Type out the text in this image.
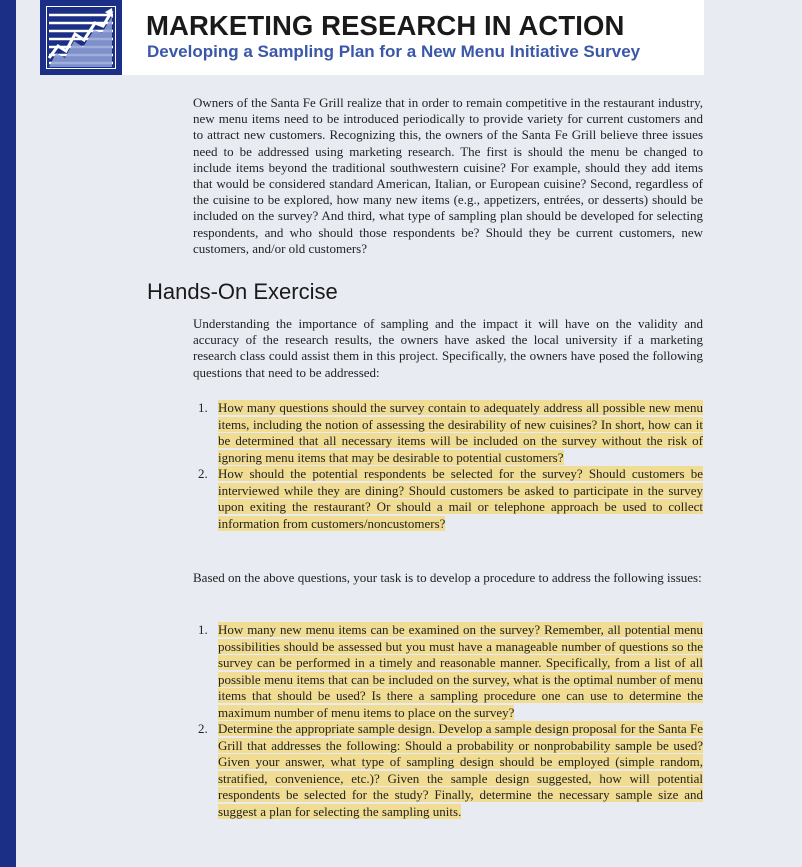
MARKETING RESEARCH IN ACTION
Developing a Sampling Plan for a New Menu Initiative Survey

Owners of the Santa Fe Grill realize that in order to remain competitive in the restaurant industry, new menu items need to be introduced periodically to provide variety for current customers and to attract new customers. Recognizing this, the owners of the Santa Fe Grill believe three issues need to be addressed using marketing research. The first is should the menu be changed to include items beyond the traditional southwestern cuisine? For example, should they add items that would be considered standard American, Italian, or European cuisine? Second, regardless of the cuisine to be explored, how many new items (e.g., appetizers, entrées, or desserts) should be included on the survey? And third, what type of sampling plan should be developed for selecting respondents, and who should those respondents be? Should they be current customers, new customers, and/or old customers?

Hands-On Exercise

Understanding the importance of sampling and the impact it will have on the validity and accuracy of the research results, the owners have asked the local university if a marketing research class could assist them in this project. Specifically, the owners have posed the following questions that need to be addressed:

1. How many questions should the survey contain to adequately address all possible new menu items, including the notion of assessing the desirability of new cuisines? In short, how can it be determined that all necessary items will be included on the survey without the risk of ignoring menu items that may be desirable to potential customers?
2. How should the potential respondents be selected for the survey? Should customers be interviewed while they are dining? Should customers be asked to participate in the survey upon exiting the restaurant? Or should a mail or telephone approach be used to collect information from customers/noncustomers?

Based on the above questions, your task is to develop a procedure to address the following issues:

1. How many new menu items can be examined on the survey? Remember, all potential menu possibilities should be assessed but you must have a manageable number of questions so the survey can be performed in a timely and reasonable manner. Specifically, from a list of all possible menu items that can be included on the survey, what is the optimal number of menu items that should be used? Is there a sampling procedure one can use to determine the maximum number of menu items to place on the survey?
2. Determine the appropriate sample design. Develop a sample design proposal for the Santa Fe Grill that addresses the following: Should a probability or nonprobability sample be used? Given your answer, what type of sampling design should be employed (simple random, stratified, convenience, etc.)? Given the sample design suggested, how will potential respondents be selected for the study? Finally, determine the necessary sample size and suggest a plan for selecting the sampling units.
